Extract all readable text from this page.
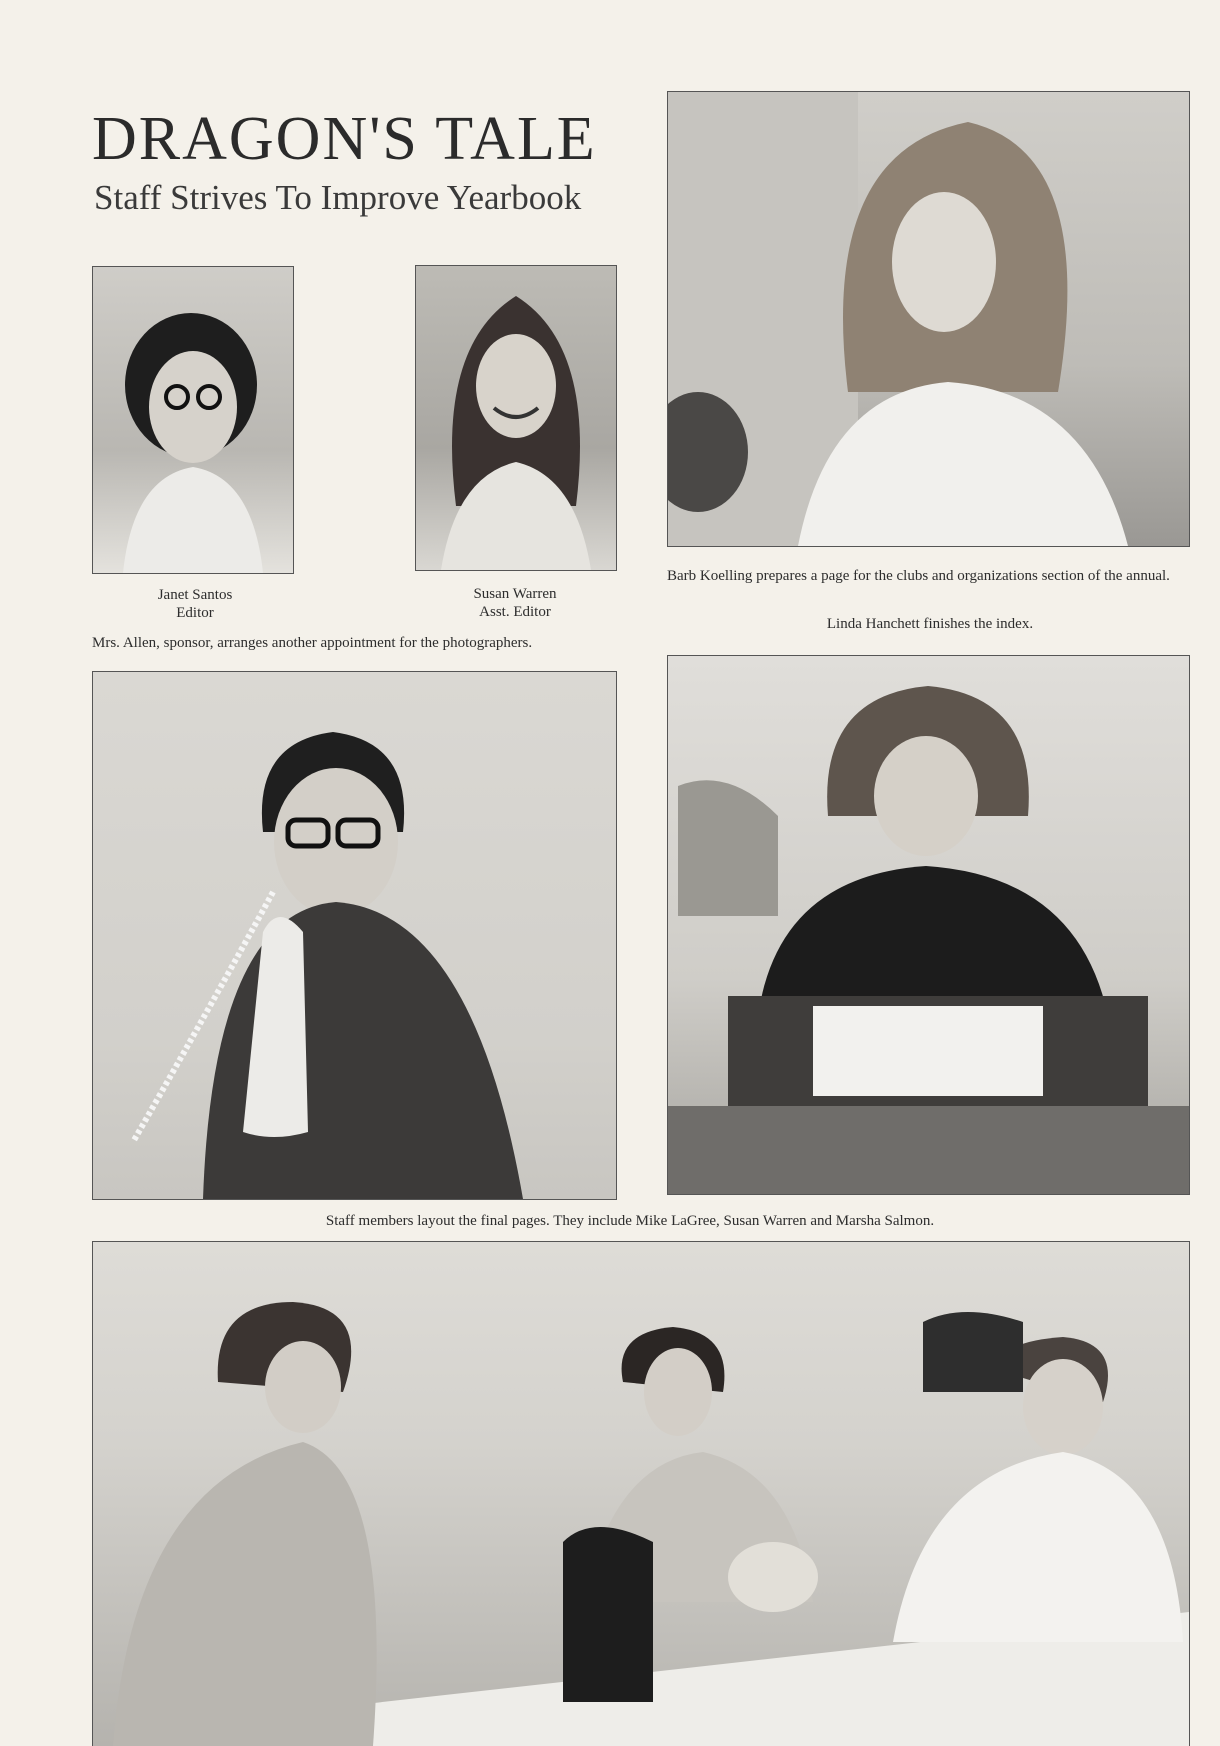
DRAGON'S TALE
Staff Strives To Improve Yearbook
Janet Santos
Editor
Susan Warren
Asst. Editor
Mrs. Allen, sponsor, arranges another appointment for the photographers.
Barb Koelling prepares a page for the clubs and organizations section of the annual.
Linda Hanchett finishes the index.
Staff members layout the final pages. They include Mike LaGree, Susan Warren and Marsha Salmon.
